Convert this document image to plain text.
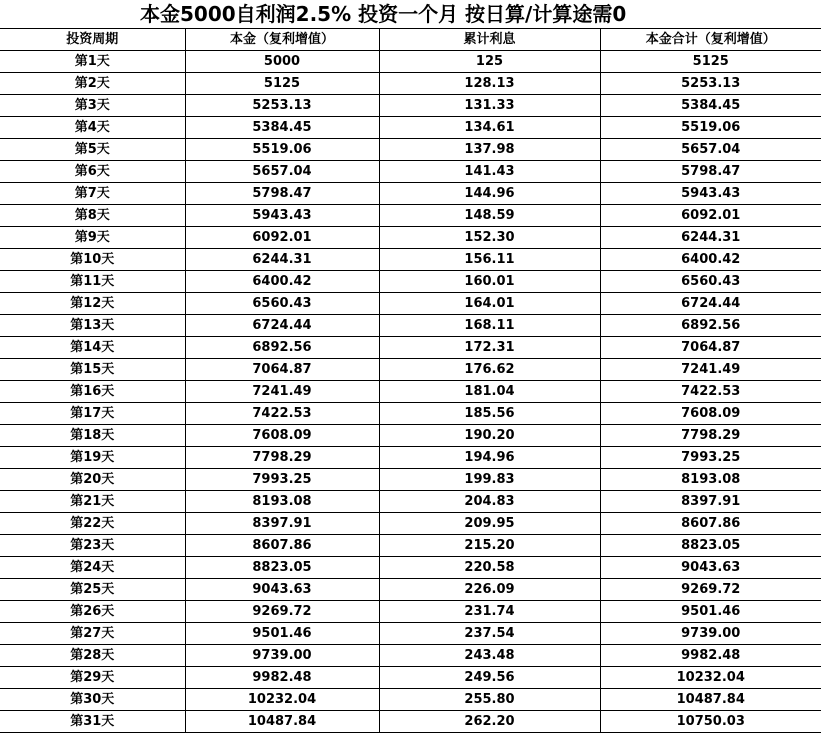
本金5000自利润2.5% 投资一个月 按日算/计算途需0
投资周期	本金（复利增值）	累计利息	本金合计（复利增值）
第1天	5000	125	5125
第2天	5125	128.13	5253.13
第3天	5253.13	131.33	5384.45
第4天	5384.45	134.61	5519.06
第5天	5519.06	137.98	5657.04
第6天	5657.04	141.43	5798.47
第7天	5798.47	144.96	5943.43
第8天	5943.43	148.59	6092.01
第9天	6092.01	152.30	6244.31
第10天	6244.31	156.11	6400.42
第11天	6400.42	160.01	6560.43
第12天	6560.43	164.01	6724.44
第13天	6724.44	168.11	6892.56
第14天	6892.56	172.31	7064.87
第15天	7064.87	176.62	7241.49
第16天	7241.49	181.04	7422.53
第17天	7422.53	185.56	7608.09
第18天	7608.09	190.20	7798.29
第19天	7798.29	194.96	7993.25
第20天	7993.25	199.83	8193.08
第21天	8193.08	204.83	8397.91
第22天	8397.91	209.95	8607.86
第23天	8607.86	215.20	8823.05
第24天	8823.05	220.58	9043.63
第25天	9043.63	226.09	9269.72
第26天	9269.72	231.74	9501.46
第27天	9501.46	237.54	9739.00
第28天	9739.00	243.48	9982.48
第29天	9982.48	249.56	10232.04
第30天	10232.04	255.80	10487.84
第31天	10487.84	262.20	10750.03
